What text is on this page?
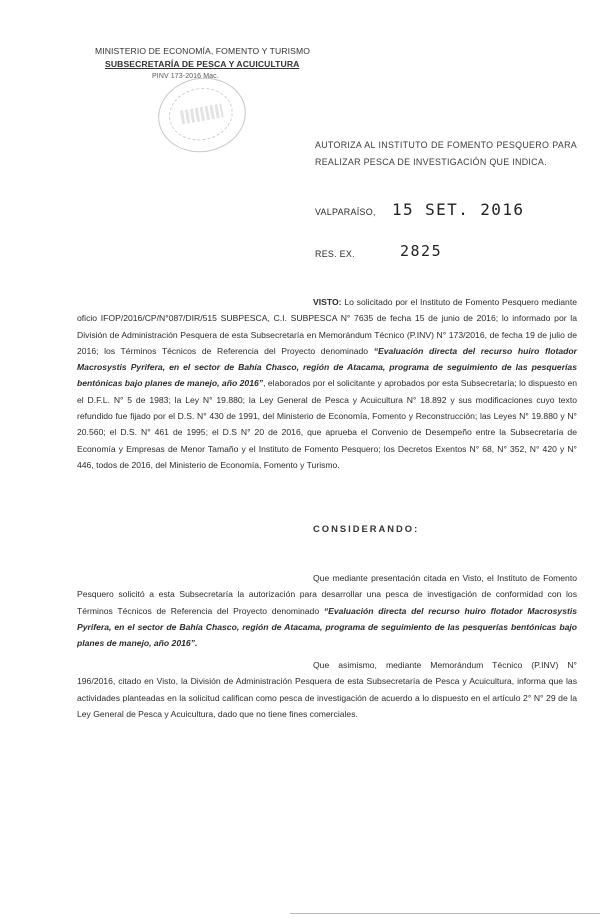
MINISTERIO DE ECONOMÍA, FOMENTO Y TURISMO
SUBSECRETARÍA DE PESCA Y ACUICULTURA
PINV 173-2016 Mac.
AUTORIZA AL INSTITUTO DE FOMENTO PESQUERO PARA REALIZAR PESCA DE INVESTIGACIÓN QUE INDICA.
VALPARAÍSO, 15 SET. 2016
RES. EX.	2825
VISTO: Lo solicitado por el Instituto de Fomento Pesquero mediante oficio IFOP/2016/CP/N°087/DIR/515 SUBPESCA, C.I. SUBPESCA N° 7635 de fecha 15 de junio de 2016; lo informado por la División de Administración Pesquera de esta Subsecretaría en Memorándum Técnico (P.INV) N° 173/2016, de fecha 19 de julio de 2016; los Términos Técnicos de Referencia del Proyecto denominado “Evaluación directa del recurso huiro flotador Macrosystis Pyrifera, en el sector de Bahía Chasco, región de Atacama, programa de seguimiento de las pesquerías bentónicas bajo planes de manejo, año 2016”, elaborados por el solicitante y aprobados por esta Subsecretaría; lo dispuesto en el D.F.L. N° 5 de 1983; la Ley N° 19.880; la Ley General de Pesca y Acuicultura N° 18.892 y sus modificaciones cuyo texto refundido fue fijado por el D.S. N° 430 de 1991, del Ministerio de Economía, Fomento y Reconstrucción; las Leyes N° 19.880 y N° 20.560; el D.S. N° 461 de 1995; el D.S N° 20 de 2016, que aprueba el Convenio de Desempeño entre la Subsecretaría de Economía y Empresas de Menor Tamaño y el Instituto de Fomento Pesquero; los Decretos Exentos N° 68, N° 352, N° 420 y N° 446, todos de 2016, del Ministerio de Economía, Fomento y Turismo.
CONSIDERANDO:
Que mediante presentación citada en Visto, el Instituto de Fomento Pesquero solicitó a esta Subsecretaría la autorización para desarrollar una pesca de investigación de conformidad con los Términos Técnicos de Referencia del Proyecto denominado “Evaluación directa del recurso huiro flotador Macrosystis Pyrifera, en el sector de Bahía Chasco, región de Atacama, programa de seguimiento de las pesquerías bentónicas bajo planes de manejo, año 2016”.
Que asimismo, mediante Memorándum Técnico (P.INV) N° 196/2016, citado en Visto, la División de Administración Pesquera de esta Subsecretaría de Pesca y Acuicultura, informa que las actividades planteadas en la solicitud califican como pesca de investigación de acuerdo a lo dispuesto en el artículo 2° N° 29 de la Ley General de Pesca y Acuicultura, dado que no tiene fines comerciales.
